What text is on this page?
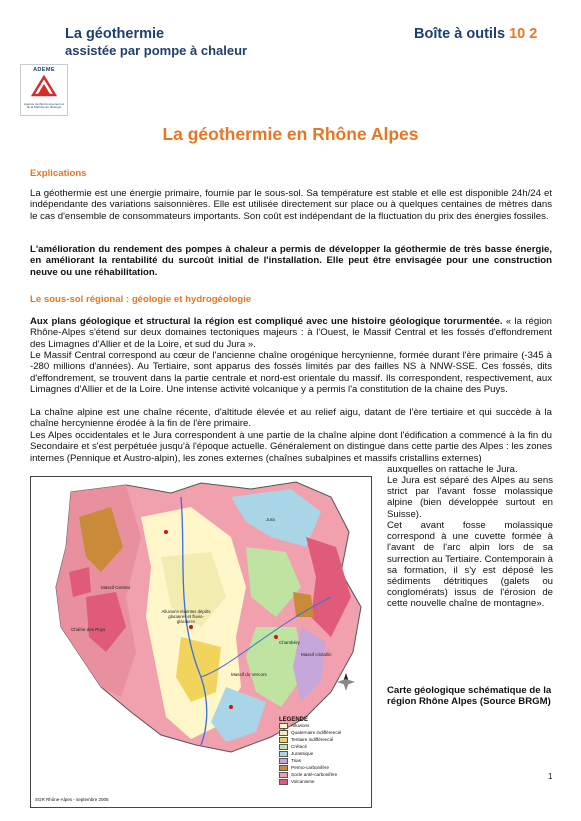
La géothermie
assistée par pompe à chaleur
Boîte à outils 10 2
ADEME
Agence de l'Environnement et de la Maîtrise de l'Energie
La géothermie en Rhône Alpes
Explications

La géothermie est une énergie primaire, fournie par le sous-sol. Sa température est stable et elle est disponible 24h/24 et indépendante des variations saisonnières. Elle est utilisée directement sur place ou à quelques centaines de mètres dans le cas d'ensemble de consommateurs importants. Son coût est indépendant de la fluctuation du prix des énergies fossiles.

L'amélioration du rendement des pompes à chaleur a permis de développer la géothermie de très basse énergie, en améliorant la rentabilité du surcoût initial de l'installation. Elle peut être envisagée pour une construction neuve ou une réhabilitation.

Le sous-sol régional : géologie et hydrogéologie

Aux plans géologique et structural la région est compliqué avec une histoire géologique torurmentée. « la région Rhône-Alpes s'étend sur deux domaines tectoniques majeurs : à l'Ouest, le Massif Central et les fossés d'effondrement des Limagnes d'Allier et de la Loire, et sud du Jura ».

Le Massif Central correspond au cœur de l'ancienne chaîne orogénique hercynienne, formée durant l'ère primaire (-345 à -280 millions d'années). Au Tertiaire, sont apparus des fossés limités par des failles NS à NNW-SSE. Ces fossés, dits d'effondrement, se trouvent dans la partie centrale et nord-est orientale du massif. Ils correspondent, respectivement, aux Limagnes d'Allier et de la Loire. Une intense activité volcanique y a permis l'a constitution de la chaine des Puys.

La chaîne alpine est une chaîne récente, d'altitude élevée et au relief aigu, datant de l'ère tertiaire et qui succède à la chaîne hercynienne érodée à la fin de l'ère primaire.

Les Alpes occidentales et le Jura correspondent à une partie de la chaîne alpine dont l'édification a commencé à la fin du Secondaire et s'est perpétuée jusqu'à l'époque actuelle. Généralement on distingue dans cette partie des Alpes : les zones internes (Pennique et Austro-alpin), les zones externes (chaînes subalpines et massifs cristallins externes)

auxquelles on rattache le Jura.
Le Jura est séparé des Alpes au sens strict par l'avant fosse molassique alpine (bien développée surtout en Suisse).
Cet avant fosse molassique correspond à une cuvette formée à l'avant de l'arc alpin lors de sa surrection au Tertiaire. Contemporain à sa formation, il s'y est déposé les sédiments détritiques (galets ou conglomérats) issus de l'érosion de cette nouvelle chaîne de montagne».
Massif Central
Chaîne des Puys
Alluvions récentes dépôts glaciaires et fluvio-glaciaires
Chambéry
Massif du Vercors
Massif cristallin
Jura
LEGENDE
Alluvions
Quaternaire indifférencié
Tertiaire indifférencié
Crétacé
Jurassique
Trias
Permo-carbonifère
Socle anté-carbonifère
Volcanisme
SGR Rhône-Alpes - septembre 2005
Carte géologique schématique de la région Rhône Alpes (Source BRGM)
1
